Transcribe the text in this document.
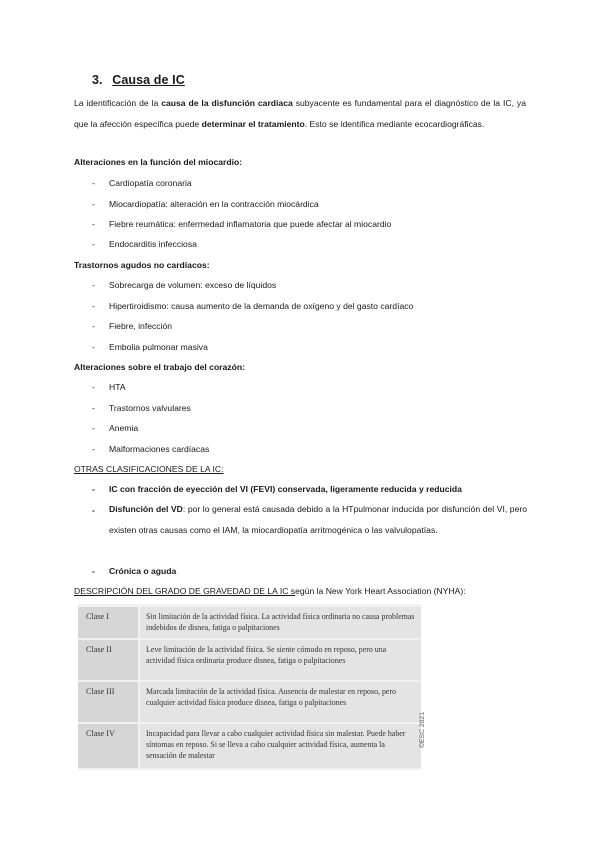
3. Causa de IC
La identificación de la causa de la disfunción cardíaca subyacente es fundamental para el diagnóstico de la IC, ya que la afección específica puede determinar el tratamiento. Esto se identifica mediante ecocardiográficas.
Alteraciones en la función del miocardio:
- Cardiopatía coronaria
- Miocardiopatía: alteración en la contracción miocárdica
- Fiebre reumática: enfermedad inflamatoria que puede afectar al miocardio
- Endocarditis infecciosa
Trastornos agudos no cardíacos:
- Sobrecarga de volumen: exceso de líquidos
- Hipertiroidismo: causa aumento de la demanda de oxígeno y del gasto cardíaco
- Fiebre, infección
- Embolia pulmonar masiva
Alteraciones sobre el trabajo del corazón:
- HTA
- Trastornos valvulares
- Anemia
- Malformaciones cardíacas
OTRAS CLASIFICACIONES DE LA IC:
- IC con fracción de eyección del VI (FEVI) conservada, ligeramente reducida y reducida
- Disfunción del VD: por lo general está causada debido a la HTpulmonar inducida por disfunción del VI, pero existen otras causas como el IAM, la miocardiopatía arritmogénica o las valvulopatías.
- Crónica o aguda
DESCRIPCIÓN DEL GRADO DE GRAVEDAD DE LA IC según la New York Heart Association (NYHA):
Clase I	Sin limitación de la actividad física. La actividad física ordinaria no causa problemas indebidos de disnea, fatiga o palpitaciones
Clase II	Leve limitación de la actividad física. Se siente cómodo en reposo, pero una actividad física ordinaria produce disnea, fatiga o palpitaciones
Clase III	Marcada limitación de la actividad física. Ausencia de malestar en reposo, pero cualquier actividad física produce disnea, fatiga o palpitaciones
Clase IV	Incapacidad para llevar a cabo cualquier actividad física sin malestar. Puede haber síntomas en reposo. Si se lleva a cabo cualquier actividad física, aumenta la sensación de malestar
©ESC 2021
